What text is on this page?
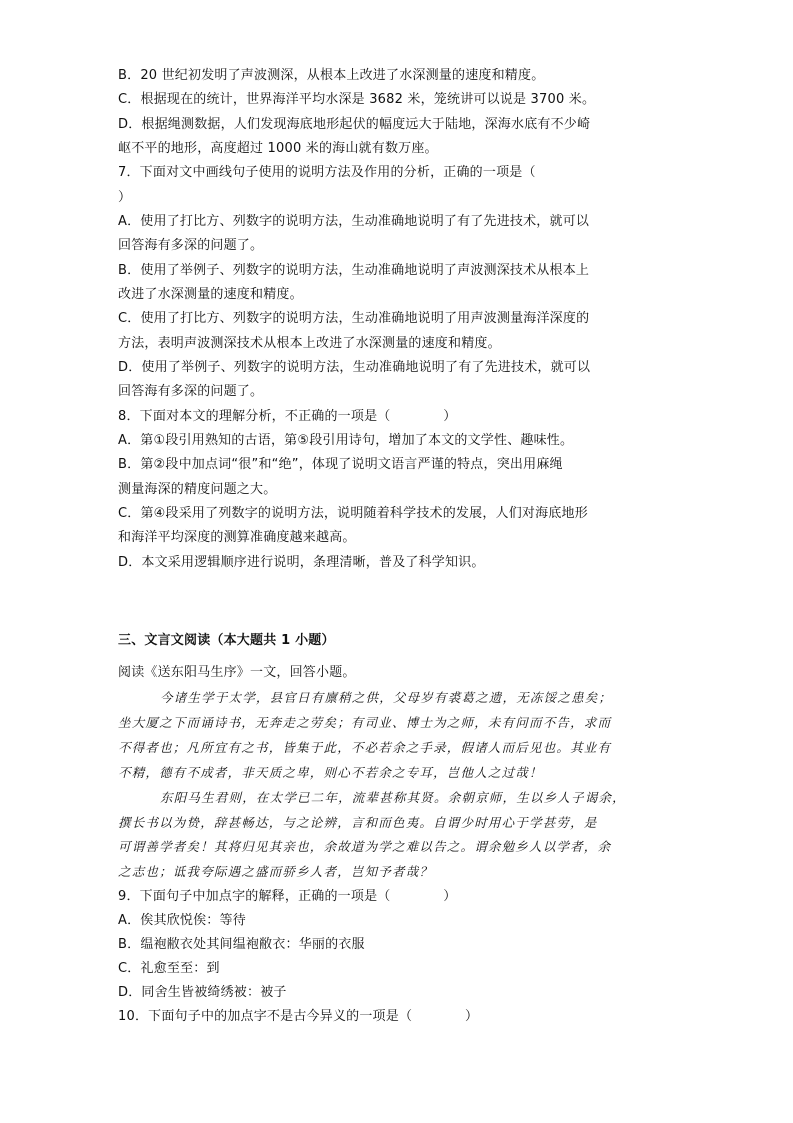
B．20 世纪初发明了声波测深，从根本上改进了水深测量的速度和精度。
C．根据现在的统计，世界海洋平均水深是 3682 米，笼统讲可以说是 3700 米。
D．根据绳测数据，人们发现海底地形起伏的幅度远大于陆地，深海水底有不少崎
岖不平的地形，高度超过 1000 米的海山就有数万座。
7．下面对文中画线句子使用的说明方法及作用的分析，正确的一项是（
）
A．使用了打比方、列数字的说明方法，生动准确地说明了有了先进技术，就可以
回答海有多深的问题了。
B．使用了举例子、列数字的说明方法，生动准确地说明了声波测深技术从根本上
改进了水深测量的速度和精度。
C．使用了打比方、列数字的说明方法，生动准确地说明了用声波测量海洋深度的
方法，表明声波测深技术从根本上改进了水深测量的速度和精度。
D．使用了举例子、列数字的说明方法，生动准确地说明了有了先进技术，就可以
回答海有多深的问题了。
8．下面对本文的理解分析，不正确的一项是（　　　　）
A．第①段引用熟知的古语，第⑤段引用诗句，增加了本文的文学性、趣味性。
B．第②段中加点词“很”和“绝”，体现了说明文语言严谨的特点，突出用麻绳
测量海深的精度问题之大。
C．第④段采用了列数字的说明方法，说明随着科学技术的发展，人们对海底地形
和海洋平均深度的测算准确度越来越高。
D．本文采用逻辑顺序进行说明，条理清晰，普及了科学知识。
三、文言文阅读（本大题共 1 小题）
阅读《送东阳马生序》一文，回答小题。
今诸生学于太学，县官日有廪稍之供，父母岁有裘葛之遗，无冻馁之患矣；
坐大厦之下而诵诗书，无奔走之劳矣；有司业、博士为之师，未有问而不告，求而
不得者也；凡所宜有之书，皆集于此，不必若余之手录，假诸人而后见也。其业有
不精，德有不成者，非天质之卑，则心不若余之专耳，岂他人之过哉！
东阳马生君则，在太学已二年，流辈甚称其贤。余朝京师，生以乡人子谒余，
撰长书以为贽，辞甚畅达，与之论辨，言和而色夷。自谓少时用心于学甚劳，是
可谓善学者矣！其将归见其亲也，余故道为学之难以告之。谓余勉乡人以学者，余
之志也；诋我夸际遇之盛而骄乡人者，岂知予者哉？
9．下面句子中加点字的解释，正确的一项是（　　　　）
A．俟其欣悦俟：等待
B．缊袍敝衣处其间缊袍敝衣：华丽的衣服
C．礼愈至至：到
D．同舍生皆被绮绣被：被子
10．下面句子中的加点字不是古今异义的一项是（　　　　）
